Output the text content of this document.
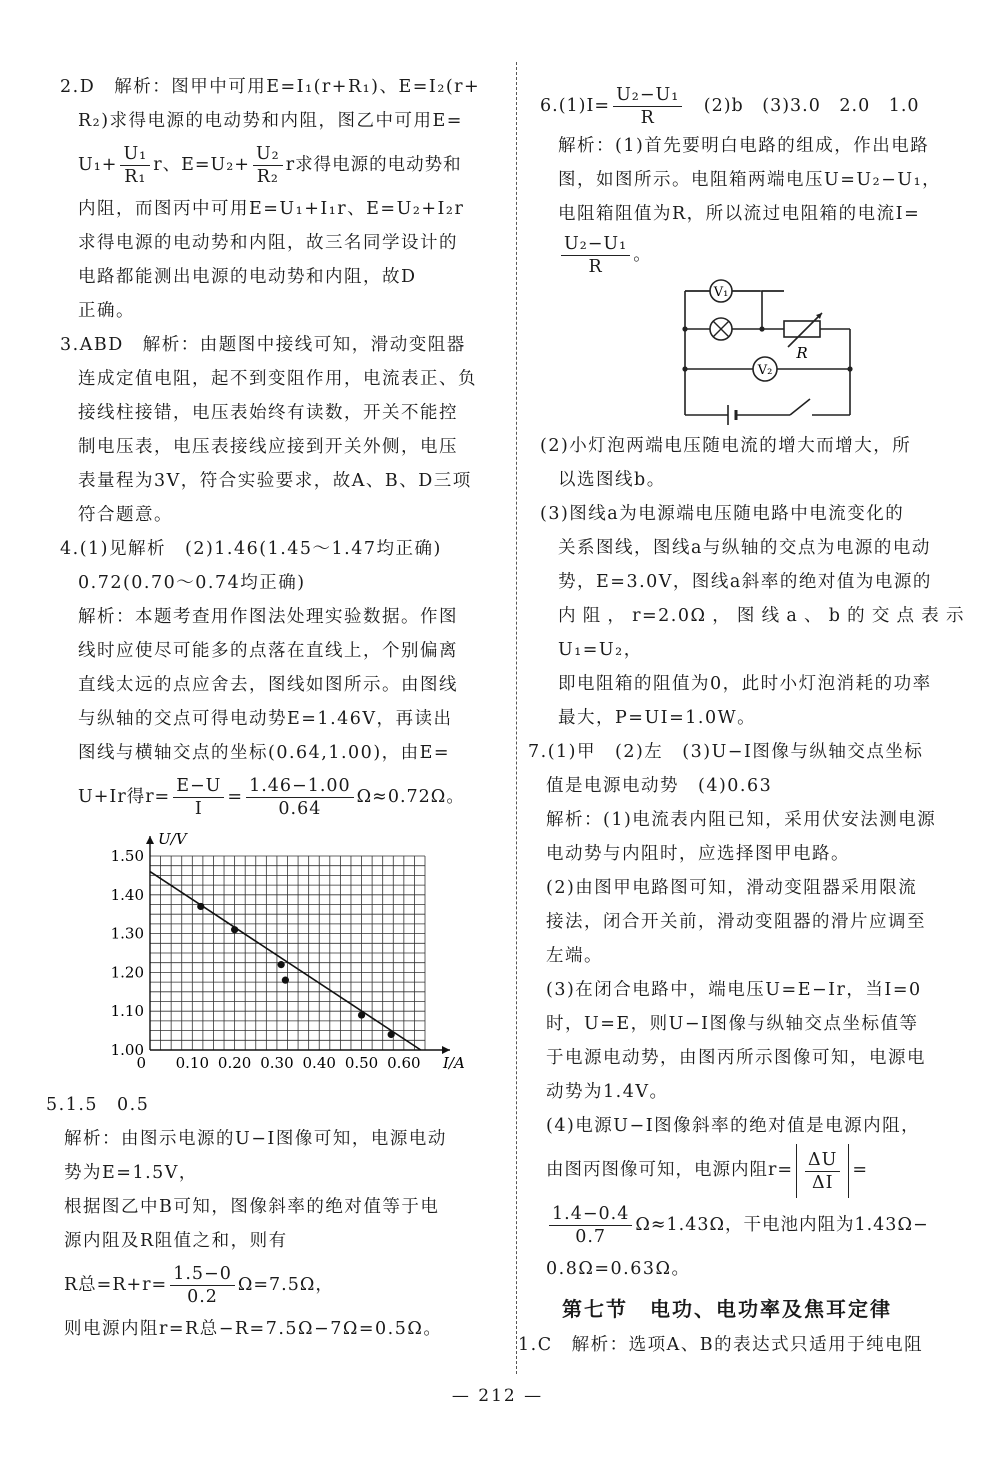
2.D　解析：图甲中可用E=I₁(r+R₁)、E=I₂(r+

R₂)求得电源的电动势和内阻，图乙中可用E=

$U_1+ \frac{\text{U₁}}{\text{R₁}}$ r、$E=U_2+ \frac{\text{U₂}}{\text{R₂}}$ r求得电源的电动势和

内阻，而图丙中可用E=U₁+I₁r、E=U₂+I₂r

求得电源的电动势和内阻，故三名同学设计的

电路都能测出电源的电动势和内阻，故D

正确。

3.ABD　解析：由题图中接线可知，滑动变阻器

连成定值电阻，起不到变阻作用，电流表正、负

接线柱接错，电压表始终有读数，开关不能控

制电压表，电压表接线应接到开关外侧，电压

表量程为3V，符合实验要求，故A、B、D三项

符合题意。

4.(1)见解析　(2)1.46(1.45～1.47均正确)

0.72(0.70～0.74均正确)

解析：本题考查用作图法处理实验数据。作图

线时应使尽可能多的点落在直线上，个别偏离

直线太远的点应舍去，图线如图所示。由图线

与纵轴的交点可得电动势E=1.46V，再读出

图线与横轴交点的坐标(0.64,1.00)，由E=

U+Ir得$r= \frac{E-U}{I} = \frac{1.46-1.00}{0.64} \Omega\approx 0.72\Omega$。

1.00
1.10
1.20
1.30
1.40
1.50
0 0.10 0.20 0.30 0.40 0.50 0.60
U/V
I/A

5.1.5　0.5

解析：由图示电源的U−I图像可知，电源电动

势为E=1.5V，

根据图乙中B可知，图像斜率的绝对值等于电

源内阻及R阻值之和，则有

R总$=R+r= \frac{1.5-0}{0.2} \Omega=7.5\Omega$，

则电源内阻r=R总−R=7.5Ω−7Ω=0.5Ω。

$6.(1)I= \frac{\text{U₂−U₁}}{R}$ 　(2)b　(3)3.0　2.0　1.0

解析：(1)首先要明白电路的组成，作出电路

图，如图所示。电阻箱两端电压U=U₂−U₁，

电阻箱阻值为R，所以流过电阻箱的电流I=

$\frac{\text{U₂−U₁}}{R}$ 。

V₁
R
V₂

(2)小灯泡两端电压随电流的增大而增大，所

以选图线b。

(3)图线a为电源端电压随电路中电流变化的

关系图线，图线a与纵轴的交点为电源的电动

势，E=3.0V，图线a斜率的绝对值为电源的

内阻，r=2.0Ω，图线a、b的交点表示U₁=U₂，

即电阻箱的阻值为0，此时小灯泡消耗的功率

最大，P=UI=1.0W。

7.(1)甲　(2)左　(3)U−I图像与纵轴交点坐标

值是电源电动势　(4)0.63

解析：(1)电流表内阻已知，采用伏安法测电源

电动势与内阻时，应选择图甲电路。

(2)由图甲电路图可知，滑动变阻器采用限流

接法，闭合开关前，滑动变阻器的滑片应调至

左端。

(3)在闭合电路中，端电压U=E−Ir，当I=0

时，U=E，则U−I图像与纵轴交点坐标值等

于电源电动势，由图丙所示图像可知，电源电

动势为1.4V。

(4)电源U−I图像斜率的绝对值是电源内阻，

由图丙图像可知，电源内阻$r= \frac{\Delta U}{\Delta I}$ =

$\frac{1.4-0.4}{0.7} \Omega\approx 1.43\Omega$，干电池内阻为1.43Ω−

0.8Ω=0.63Ω。

第七节　电功、电功率及焦耳定律

1.C　解析：选项A、B的表达式只适用于纯电阻

— 212 —
